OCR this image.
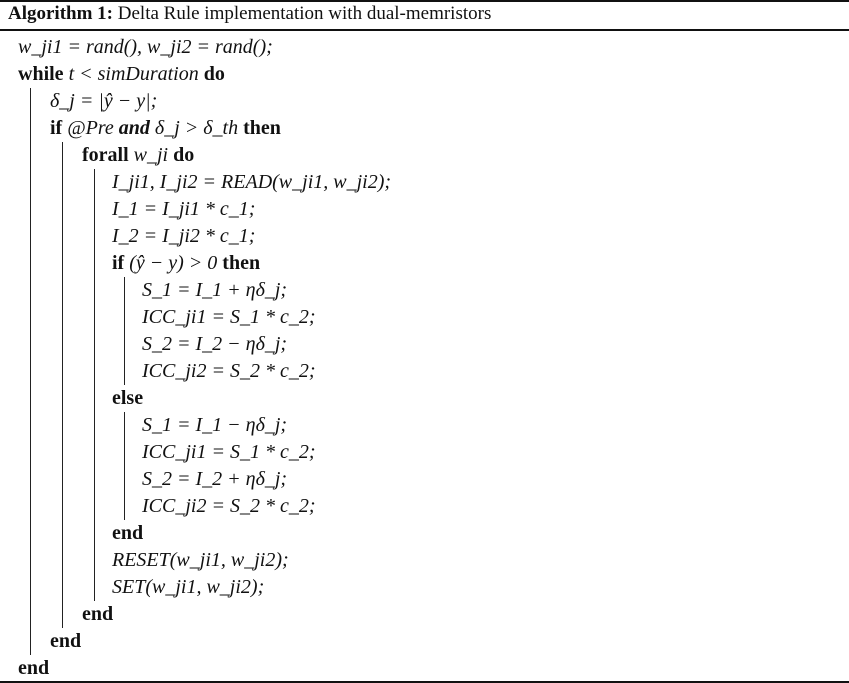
Algorithm 1: Delta Rule implementation with dual-memristors
w_ji1 = rand(), w_ji2 = rand();
while t < simDuration do
δ_j = |ŷ − y|;
if @Pre and δ_j > δ_th then
forall w_ji do
I_ji1, I_ji2 = READ(w_ji1, w_ji2);
I_1 = I_ji1 * c_1;
I_2 = I_ji2 * c_1;
if (ŷ − y) > 0 then
S_1 = I_1 + ηδ_j;
ICC_ji1 = S_1 * c_2;
S_2 = I_2 − ηδ_j;
ICC_ji2 = S_2 * c_2;
else
S_1 = I_1 − ηδ_j;
ICC_ji1 = S_1 * c_2;
S_2 = I_2 + ηδ_j;
ICC_ji2 = S_2 * c_2;
end
RESET(w_ji1, w_ji2);
SET(w_ji1, w_ji2);
end
end
end
